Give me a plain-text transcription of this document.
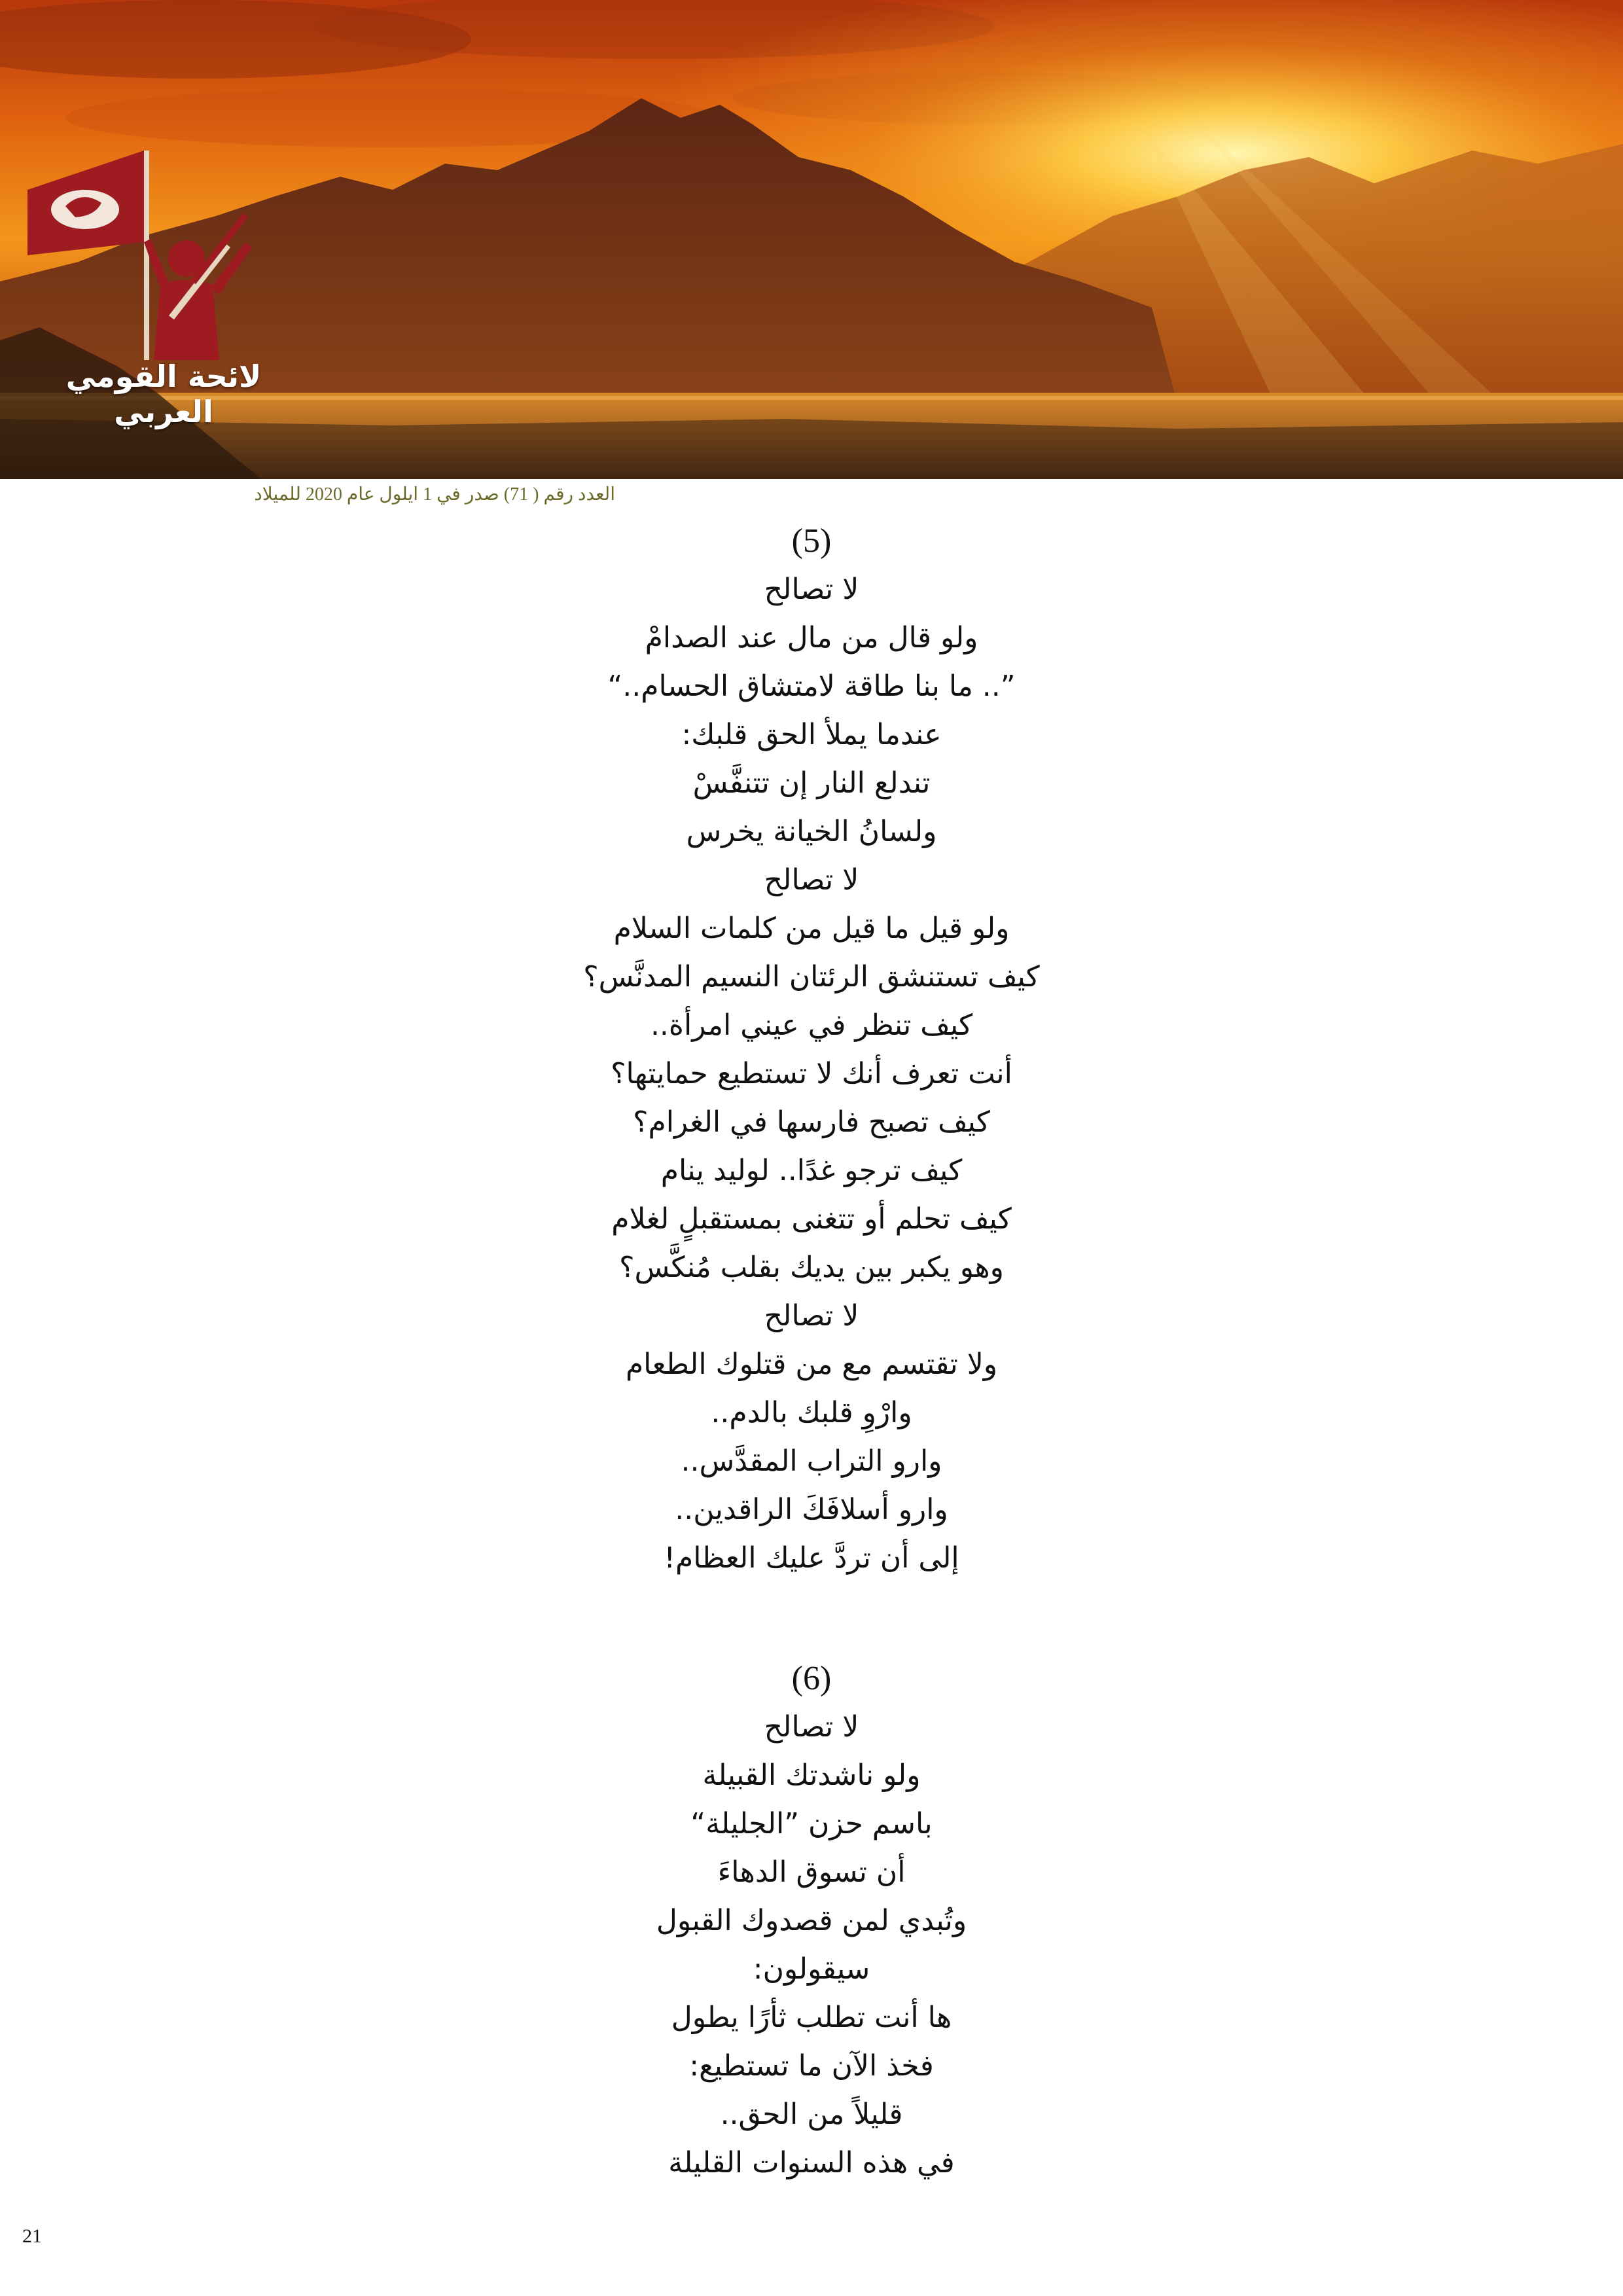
لائحة القومي العربي
العدد رقم ( 71) صدر في 1 ايلول عام 2020 للميلاد
(5)
لا تصالح
ولو قال من مال عند الصدامْ
”.. ما بنا طاقة لامتشاق الحسام..“
عندما يملأ الحق قلبك:
تندلع النار إن تتنفَّسْ
ولسانُ الخيانة يخرس
لا تصالح
ولو قيل ما قيل من كلمات السلام
كيف تستنشق الرئتان النسيم المدنَّس؟
كيف تنظر في عيني امرأة..
أنت تعرف أنك لا تستطيع حمايتها؟
كيف تصبح فارسها في الغرام؟
كيف ترجو غدًا.. لوليد ينام
كيف تحلم أو تتغنى بمستقبلٍ لغلام
وهو يكبر بين يديك بقلب مُنكَّس؟
لا تصالح
ولا تقتسم مع من قتلوك الطعام
وارْوِ قلبك بالدم..
وارو التراب المقدَّس..
وارو أسلافَكَ الراقدين..
إلى أن تردَّ عليك العظام!
(6)
لا تصالح
ولو ناشدتك القبيلة
باسم حزن ”الجليلة“
أن تسوق الدهاءَ
وتُبدي لمن قصدوك القبول
سيقولون:
ها أنت تطلب ثأرًا يطول
فخذ الآن ما تستطيع:
قليلاً من الحق..
في هذه السنوات القليلة
21
